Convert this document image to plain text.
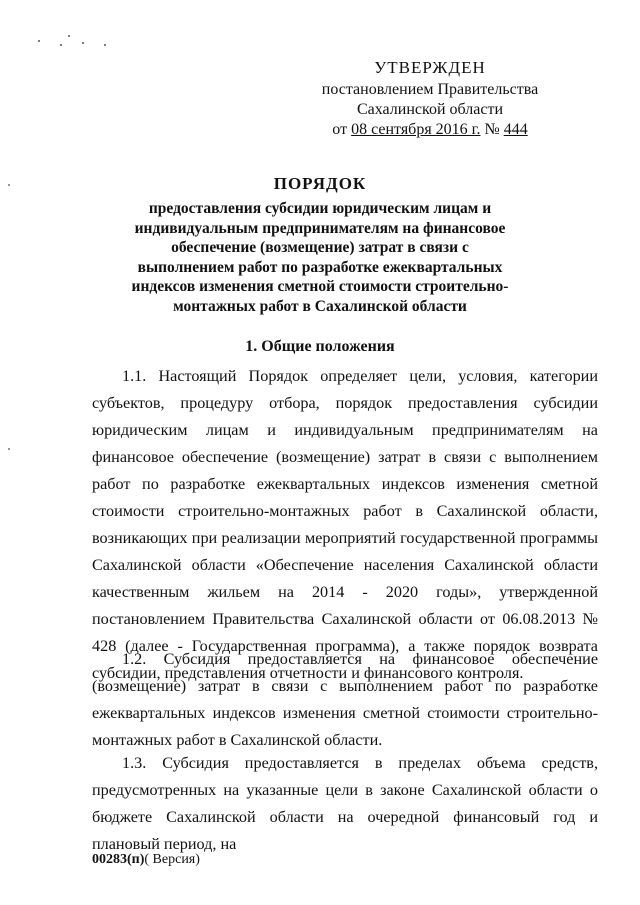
УТВЕРЖДЕН
постановлением Правительства
Сахалинской области
от 08 сентября 2016 г. № 444
ПОРЯДОК
предоставления субсидии юридическим лицам и индивидуальным предпринимателям на финансовое обеспечение (возмещение) затрат в связи с выполнением работ по разработке ежеквартальных индексов изменения сметной стоимости строительно-монтажных работ в Сахалинской области
1. Общие положения

1.1. Настоящий Порядок определяет цели, условия, категории субъектов, процедуру отбора, порядок предоставления субсидии юридическим лицам и индивидуальным предпринимателям на финансовое обеспечение (возмещение) затрат в связи с выполнением работ по разработке ежеквартальных индексов изменения сметной стоимости строительно-монтажных работ в Сахалинской области, возникающих при реализации мероприятий государственной программы Сахалинской области «Обеспечение населения Сахалинской области качественным жильем на 2014 - 2020 годы», утвержденной постановлением Правительства Сахалинской области от 06.08.2013 № 428 (далее - Государственная программа), а также порядок возврата субсидии, представления отчетности и финансового контроля.

1.2. Субсидия предоставляется на финансовое обеспечение (возмещение) затрат в связи с выполнением работ по разработке ежеквартальных индексов изменения сметной стоимости строительно-монтажных работ в Сахалинской области.

1.3. Субсидия предоставляется в пределах объема средств, предусмотренных на указанные цели в законе Сахалинской области о бюджете Сахалинской области на очередной финансовый год и плановый период, на

00283(п)( Версия)
